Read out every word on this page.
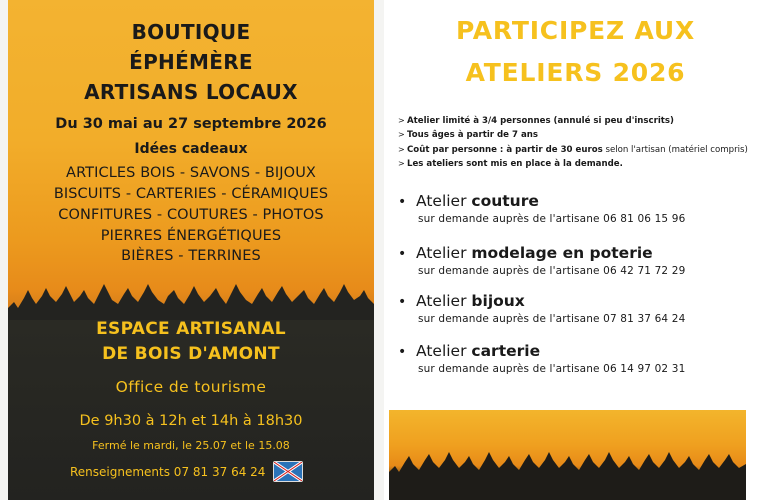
BOUTIQUE
ÉPHÉMÈRE
ARTISANS LOCAUX
Du 30 mai au 27 septembre 2026
Idées cadeaux
ARTICLES BOIS - SAVONS - BIJOUX
BISCUITS - CARTERIES - CÉRAMIQUES
CONFITURES - COUTURES - PHOTOS
PIERRES ÉNERGÉTIQUES
BIÈRES - TERRINES
ESPACE ARTISANAL
DE BOIS D'AMONT
Office de tourisme
De 9h30 à 12h et 14h à 18h30
Fermé le mardi, le 25.07 et le 15.08
Renseignements 07 81 37 64 24
PARTICIPEZ AUX
ATELIERS 2026
> Atelier limité à 3/4 personnes (annulé si peu d'inscrits)
> Tous âges à partir de 7 ans
> Coût par personne : à partir de 30 euros selon l'artisan (matériel compris)
> Les ateliers sont mis en place à la demande.
• Atelier couture
sur demande auprès de l'artisane 06 81 06 15 96
• Atelier modelage en poterie
sur demande auprès de l'artisane 06 42 71 72 29
• Atelier bijoux
sur demande auprès de l'artisane 07 81 37 64 24
• Atelier carterie
sur demande auprès de l'artisane 06 14 97 02 31
